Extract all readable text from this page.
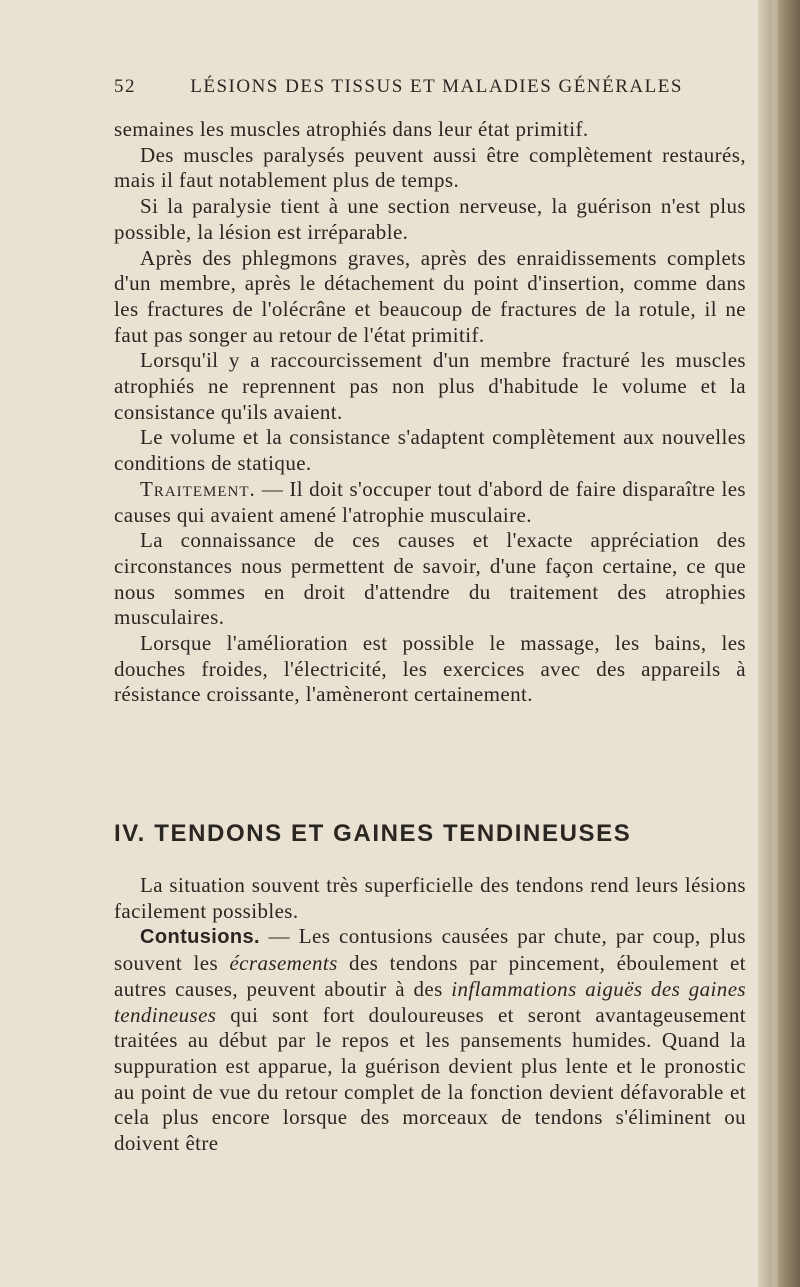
52	LÉSIONS DES TISSUS ET MALADIES GÉNÉRALES

semaines les muscles atrophiés dans leur état primitif.

Des muscles paralysés peuvent aussi être complètement restaurés, mais il faut notablement plus de temps.

Si la paralysie tient à une section nerveuse, la guérison n'est plus possible, la lésion est irréparable.

Après des phlegmons graves, après des enraidissements complets d'un membre, après le détachement du point d'insertion, comme dans les fractures de l'olécrâne et beaucoup de fractures de la rotule, il ne faut pas songer au retour de l'état primitif.

Lorsqu'il y a raccourcissement d'un membre fracturé les muscles atrophiés ne reprennent pas non plus d'habitude le volume et la consistance qu'ils avaient.

Le volume et la consistance s'adaptent complètement aux nouvelles conditions de statique.

Traitement. — Il doit s'occuper tout d'abord de faire disparaître les causes qui avaient amené l'atrophie musculaire.

La connaissance de ces causes et l'exacte appréciation des circonstances nous permettent de savoir, d'une façon certaine, ce que nous sommes en droit d'attendre du traitement des atrophies musculaires.

Lorsque l'amélioration est possible le massage, les bains, les douches froides, l'électricité, les exercices avec des appareils à résistance croissante, l'amèneront certainement.

IV. TENDONS ET GAINES TENDINEUSES

La situation souvent très superficielle des tendons rend leurs lésions facilement possibles.

Contusions. — Les contusions causées par chute, par coup, plus souvent les écrasements des tendons par pincement, éboulement et autres causes, peuvent aboutir à des inflammations aiguës des gaines tendineuses qui sont fort douloureuses et seront avantageusement traitées au début par le repos et les pansements humides. Quand la suppuration est apparue, la guérison devient plus lente et le pronostic au point de vue du retour complet de la fonction devient défavorable et cela plus encore lorsque des morceaux de tendons s'éliminent ou doivent être
